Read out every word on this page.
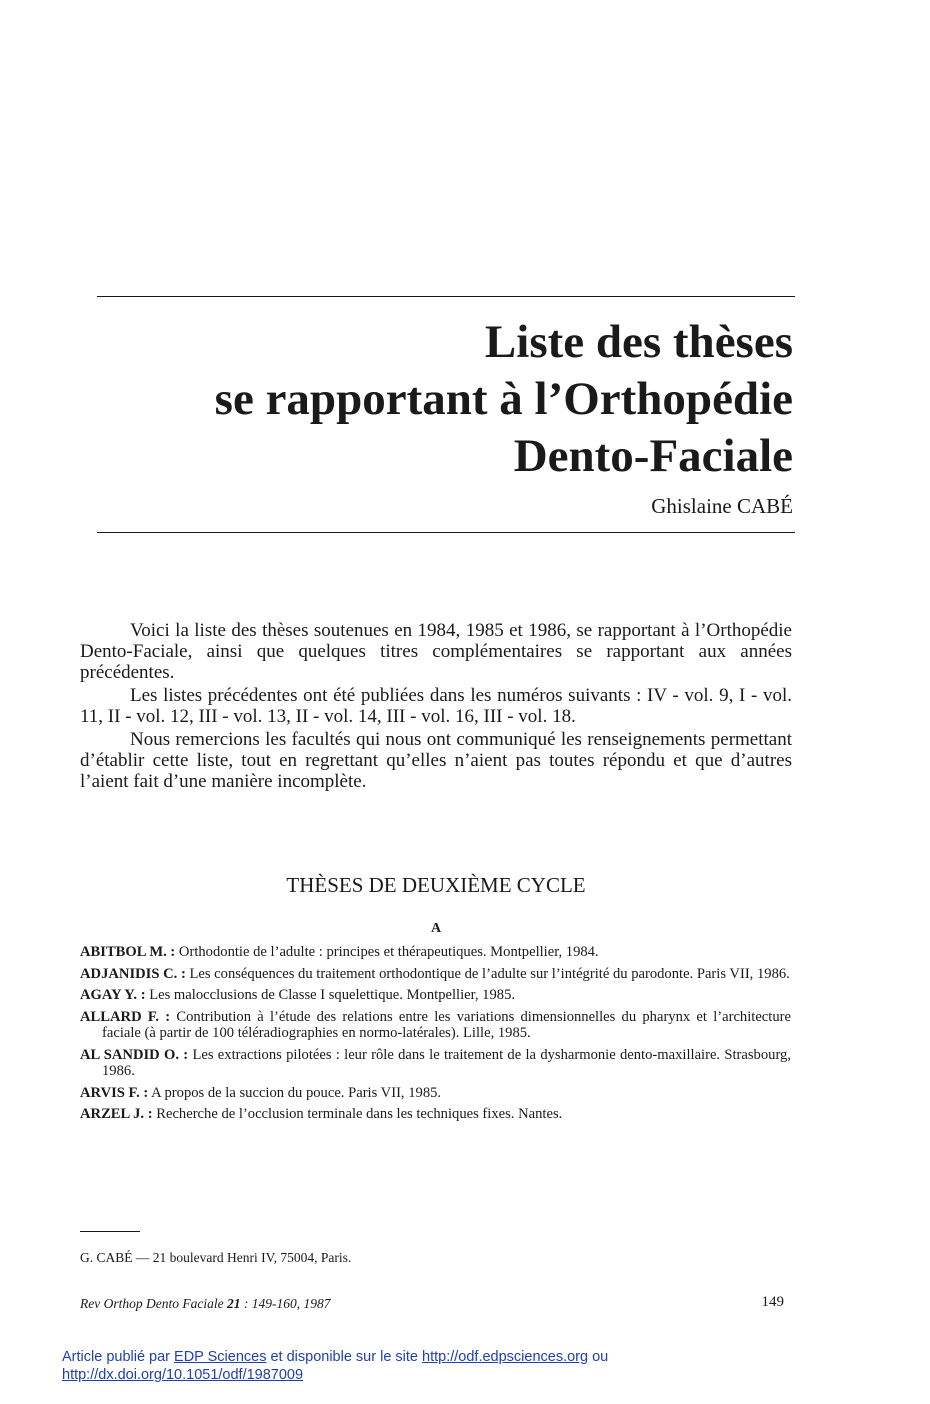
Liste des thèses
se rapportant à l’Orthopédie
Dento-Faciale
Ghislaine CABÉ

Voici la liste des thèses soutenues en 1984, 1985 et 1986, se rapportant à l’Orthopédie Dento-Faciale, ainsi que quelques titres complémentaires se rapportant aux années précédentes.

Les listes précédentes ont été publiées dans les numéros suivants : IV - vol. 9, I - vol. 11, II - vol. 12, III - vol. 13, II - vol. 14, III - vol. 16, III - vol. 18.

Nous remercions les facultés qui nous ont communiqué les renseignements permettant d’établir cette liste, tout en regrettant qu’elles n’aient pas toutes répondu et que d’autres l’aient fait d’une manière incomplète.

THÈSES DE DEUXIÈME CYCLE
A
ABITBOL M. : Orthodontie de l’adulte : principes et thérapeutiques. Montpellier, 1984.
ADJANIDIS C. : Les conséquences du traitement orthodontique de l’adulte sur l’intégrité du parodonte. Paris VII, 1986.
AGAY Y. : Les malocclusions de Classe I squelettique. Montpellier, 1985.
ALLARD F. : Contribution à l’étude des relations entre les variations dimensionnelles du pharynx et l’architecture faciale (à partir de 100 téléradiographies en normo-latérales). Lille, 1985.
AL SANDID O. : Les extractions pilotées : leur rôle dans le traitement de la dysharmonie dento-maxillaire. Strasbourg, 1986.
ARVIS F. : A propos de la succion du pouce. Paris VII, 1985.
ARZEL J. : Recherche de l’occlusion terminale dans les techniques fixes. Nantes.
G. CABÉ — 21 boulevard Henri IV, 75004, Paris.
Rev Orthop Dento Faciale 21 : 149-160, 1987	149
Article publié par EDP Sciences et disponible sur le site http://odf.edpsciences.org ou
http://dx.doi.org/10.1051/odf/1987009
